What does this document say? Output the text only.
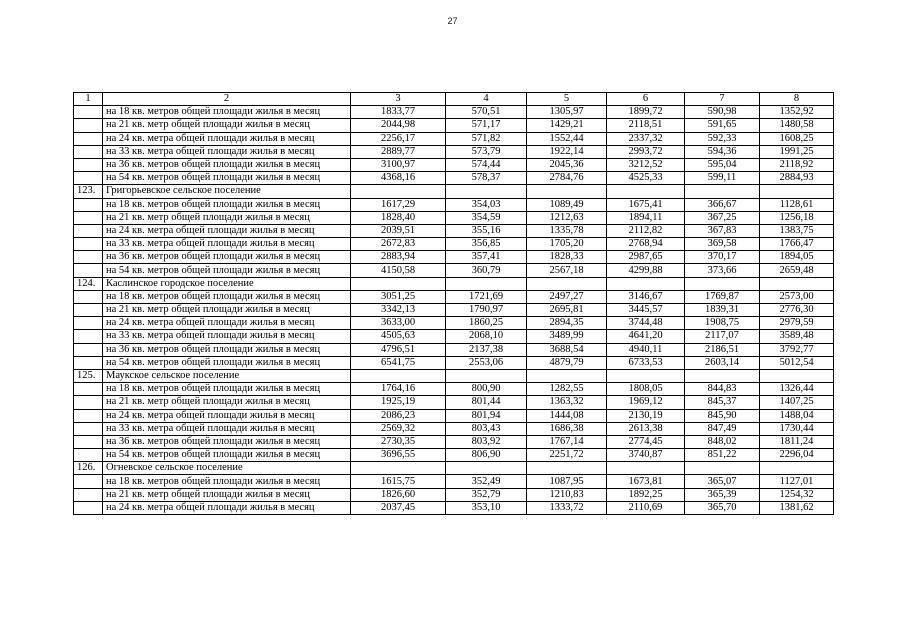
27
1	2	3	4	5	6	7	8
	на 18 кв. метров общей площади жилья в месяц	1833,77	570,51	1305,97	1899,72	590,98	1352,92
	на 21 кв. метр общей площади жилья в месяц	2044,98	571,17	1429,21	2118,51	591,65	1480,58
	на 24 кв. метра общей площади жилья в месяц	2256,17	571,82	1552,44	2337,32	592,33	1608,25
	на 33 кв. метра общей площади жилья в месяц	2889,77	573,79	1922,14	2993,72	594,36	1991,25
	на 36 кв. метров общей площади жилья в месяц	3100,97	574,44	2045,36	3212,52	595,04	2118,92
	на 54 кв. метров общей площади жилья в месяц	4368,16	578,37	2784,76	4525,33	599,11	2884,93
123.	Григорьевское сельское поселение						
	на 18 кв. метров общей площади жилья в месяц	1617,29	354,03	1089,49	1675,41	366,67	1128,61
	на 21 кв. метр общей площади жилья в месяц	1828,40	354,59	1212,63	1894,11	367,25	1256,18
	на 24 кв. метра общей площади жилья в месяц	2039,51	355,16	1335,78	2112,82	367,83	1383,75
	на 33 кв. метра общей площади жилья в месяц	2672,83	356,85	1705,20	2768,94	369,58	1766,47
	на 36 кв. метров общей площади жилья в месяц	2883,94	357,41	1828,33	2987,65	370,17	1894,05
	на 54 кв. метров общей площади жилья в месяц	4150,58	360,79	2567,18	4299,88	373,66	2659,48
124.	Каслинское городское поселение						
	на 18 кв. метров общей площади жилья в месяц	3051,25	1721,69	2497,27	3146,67	1769,87	2573,00
	на 21 кв. метр общей площади жилья в месяц	3342,13	1790,97	2695,81	3445,57	1839,31	2776,30
	на 24 кв. метра общей площади жилья в месяц	3633,00	1860,25	2894,35	3744,48	1908,75	2979,59
	на 33 кв. метра общей площади жилья в месяц	4505,63	2068,10	3489,99	4641,20	2117,07	3589,48
	на 36 кв. метров общей площади жилья в месяц	4796,51	2137,38	3688,54	4940,11	2186,51	3792,77
	на 54 кв. метров общей площади жилья в месяц	6541,75	2553,06	4879,79	6733,53	2603,14	5012,54
125.	Маукское сельское поселение						
	на 18 кв. метров общей площади жилья в месяц	1764,16	800,90	1282,55	1808,05	844,83	1326,44
	на 21 кв. метр общей площади жилья в месяц	1925,19	801,44	1363,32	1969,12	845,37	1407,25
	на 24 кв. метра общей площади жилья в месяц	2086,23	801,94	1444,08	2130,19	845,90	1488,04
	на 33 кв. метра общей площади жилья в месяц	2569,32	803,43	1686,38	2613,38	847,49	1730,44
	на 36 кв. метров общей площади жилья в месяц	2730,35	803,92	1767,14	2774,45	848,02	1811,24
	на 54 кв. метров общей площади жилья в месяц	3696,55	806,90	2251,72	3740,87	851,22	2296,04
126.	Огневское сельское поселение						
	на 18 кв. метров общей площади жилья в месяц	1615,75	352,49	1087,95	1673,81	365,07	1127,01
	на 21 кв. метр общей площади жилья в месяц	1826,60	352,79	1210,83	1892,25	365,39	1254,32
	на 24 кв. метра общей площади жилья в месяц	2037,45	353,10	1333,72	2110,69	365,70	1381,62
